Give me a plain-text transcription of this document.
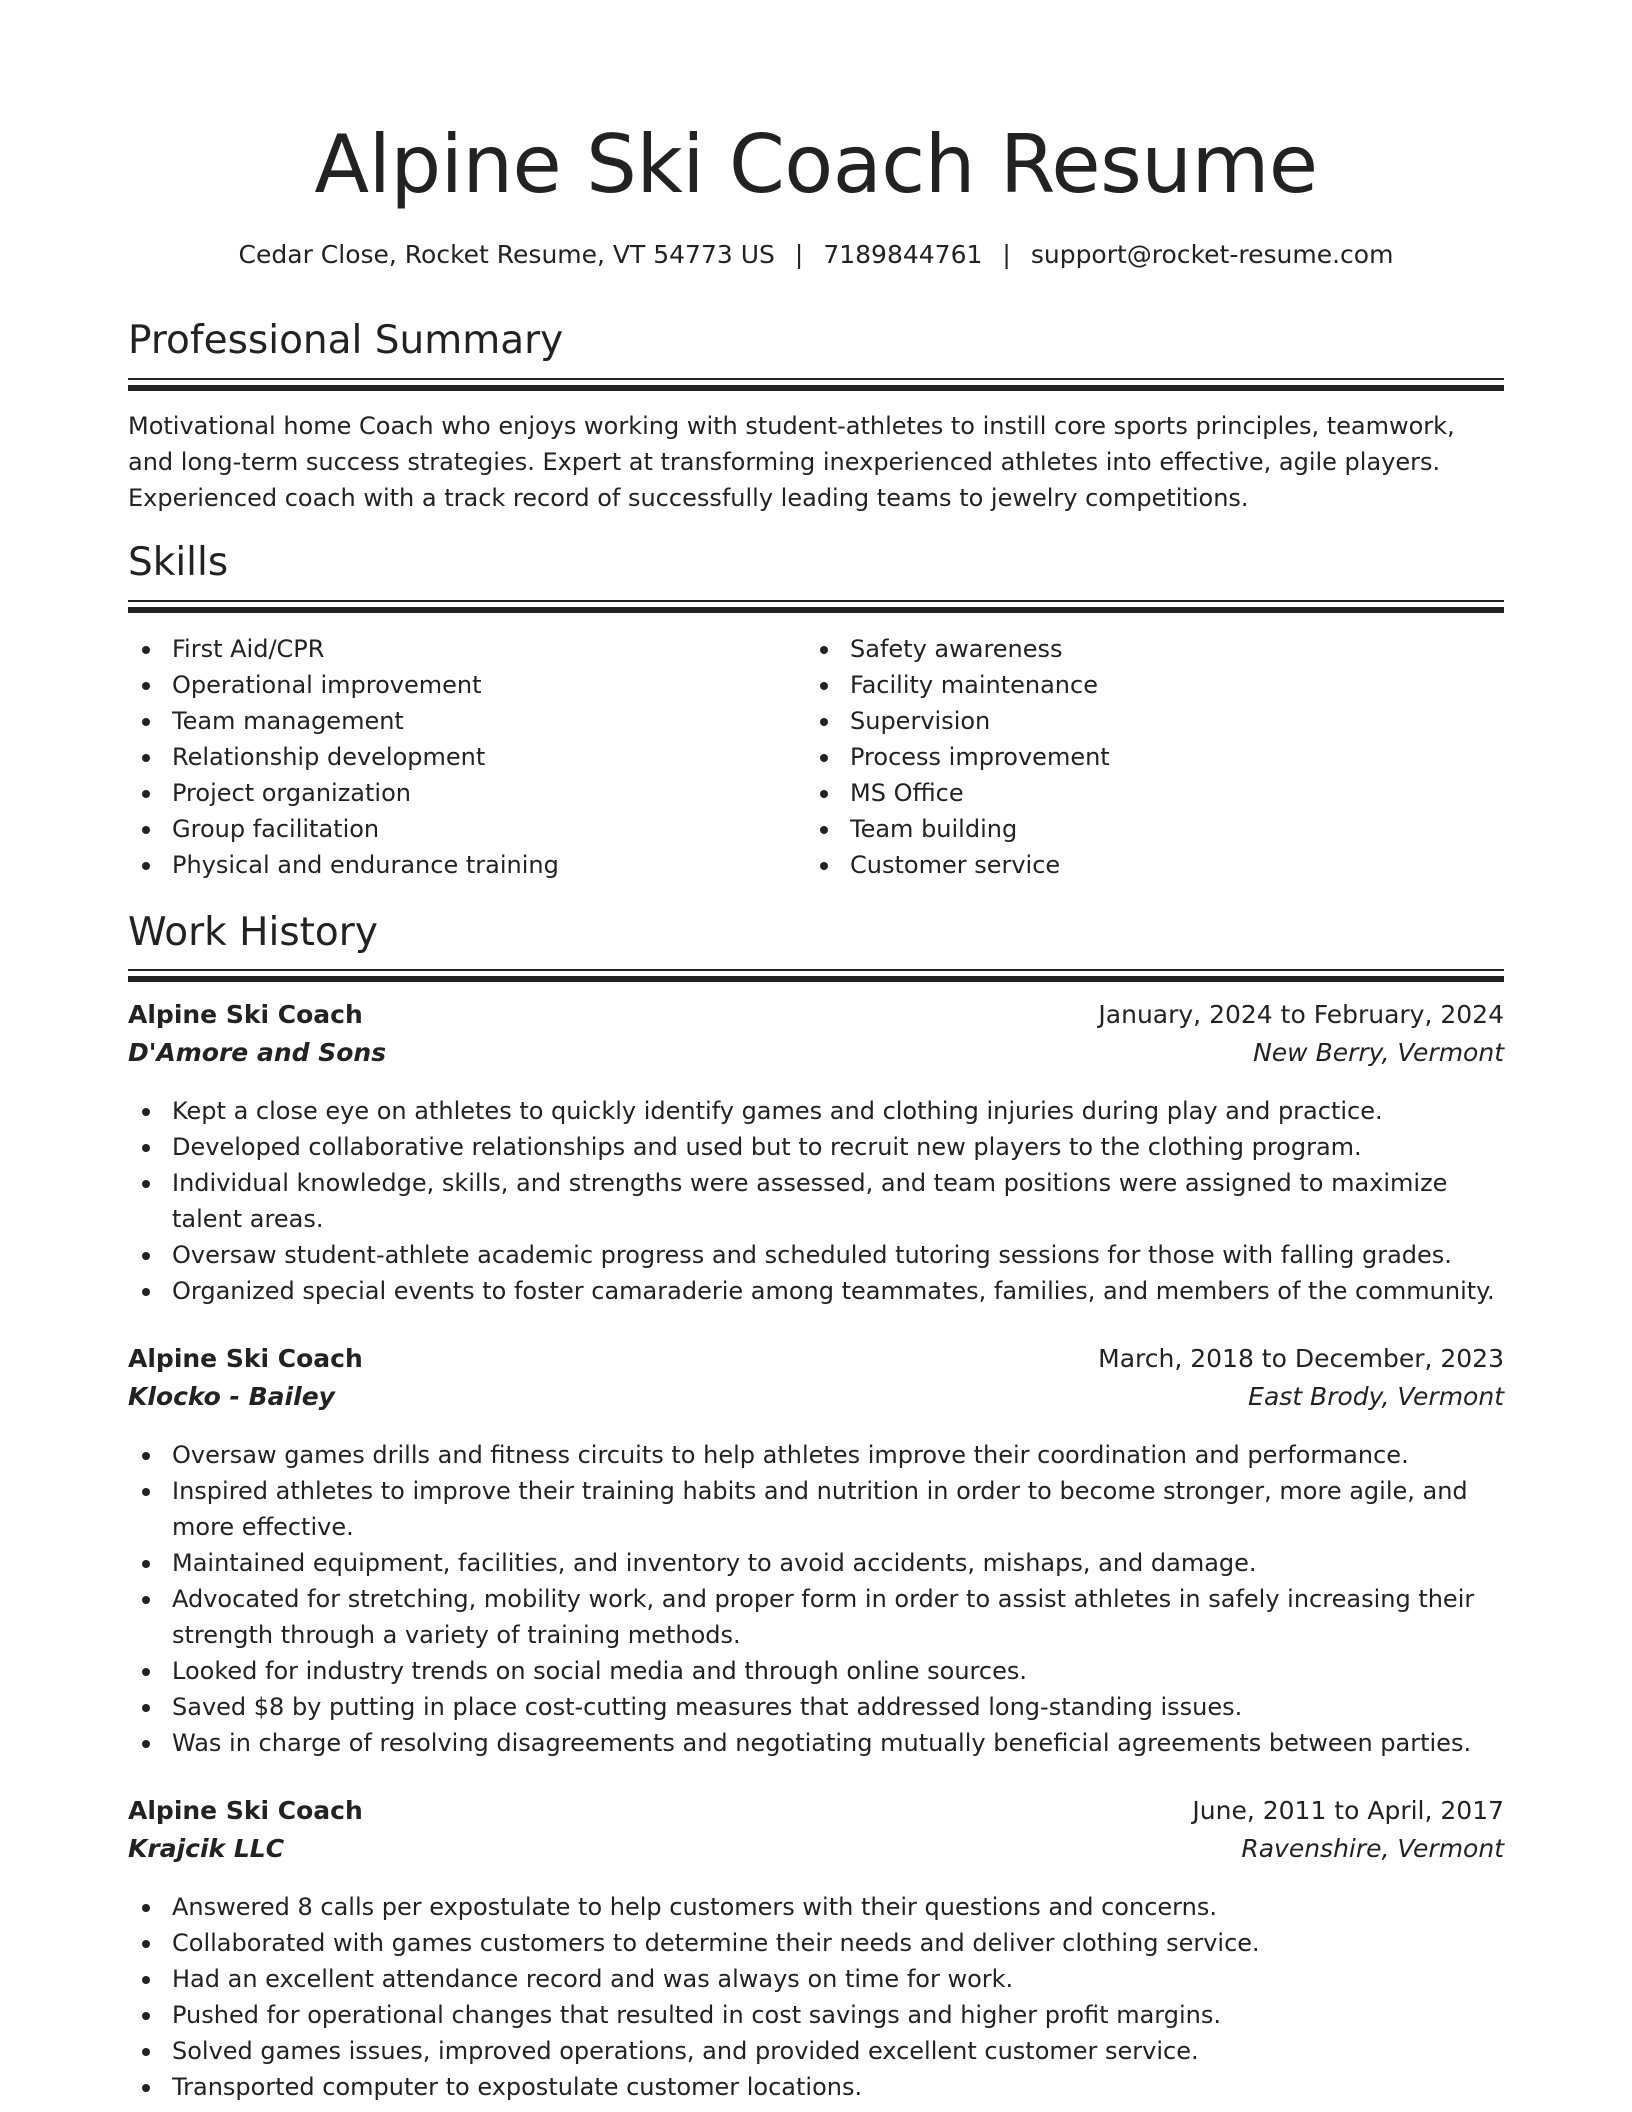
Alpine Ski Coach Resume
Cedar Close, Rocket Resume, VT 54773 US | 7189844761 | support@rocket-resume.com
Professional Summary

Motivational home Coach who enjoys working with student-athletes to instill core sports principles, teamwork, and long-term success strategies. Expert at transforming inexperienced athletes into effective, agile players. Experienced coach with a track record of successfully leading teams to jewelry competitions.

Skills
First Aid/CPR
Operational improvement
Team management
Relationship development
Project organization
Group facilitation
Physical and endurance training
Safety awareness
Facility maintenance
Supervision
Process improvement
MS Office
Team building
Customer service
Work History
Alpine Ski Coach	January, 2024 to February, 2024
D'Amore and Sons	New Berry, Vermont
Kept a close eye on athletes to quickly identify games and clothing injuries during play and practice.
Developed collaborative relationships and used but to recruit new players to the clothing program.
Individual knowledge, skills, and strengths were assessed, and team positions were assigned to maximize talent areas.
Oversaw student-athlete academic progress and scheduled tutoring sessions for those with falling grades.
Organized special events to foster camaraderie among teammates, families, and members of the community.
Alpine Ski Coach	March, 2018 to December, 2023
Klocko - Bailey	East Brody, Vermont
Oversaw games drills and fitness circuits to help athletes improve their coordination and performance.
Inspired athletes to improve their training habits and nutrition in order to become stronger, more agile, and more effective.
Maintained equipment, facilities, and inventory to avoid accidents, mishaps, and damage.
Advocated for stretching, mobility work, and proper form in order to assist athletes in safely increasing their strength through a variety of training methods.
Looked for industry trends on social media and through online sources.
Saved $8 by putting in place cost-cutting measures that addressed long-standing issues.
Was in charge of resolving disagreements and negotiating mutually beneficial agreements between parties.
Alpine Ski Coach	June, 2011 to April, 2017
Krajcik LLC	Ravenshire, Vermont
Answered 8 calls per expostulate to help customers with their questions and concerns.
Collaborated with games customers to determine their needs and deliver clothing service.
Had an excellent attendance record and was always on time for work.
Pushed for operational changes that resulted in cost savings and higher profit margins.
Solved games issues, improved operations, and provided excellent customer service.
Transported computer to expostulate customer locations.
